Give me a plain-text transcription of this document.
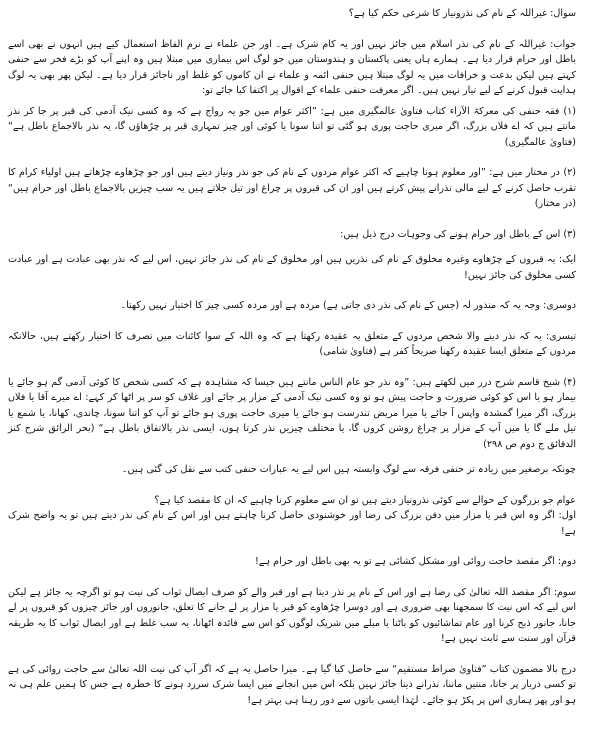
سوال: غیراللہ کے نام کی نذرونیاز کا شرعی حکم کیا ہے؟

جواب: غیراللہ کے نام کی نذر اسلام میں جائز نہیں اور یہ کام شرک ہے۔ اور جن علماء نے نرم الفاظ استعمال کیے ہیں انہوں نے بھی اسے باطل اور حرام قرار دیا ہے۔ ہمارے ہاں یعنی پاکستان و ہندوستان میں جو لوگ اس بیماری میں مبتلا ہیں وہ اپنے آپ کو بڑے فخر سے حنفی کہتے ہیں لیکن بدعت و خرافات میں یہ لوگ مبتلا ہیں حنفی ائمہ و علماء نے ان کاموں کو غلط اور ناجائز قرار دیا ہے۔ لیکن پھر بھی یہ لوگ ہدایت قبول کرنے کے لیے تیار نہیں ہیں۔ اگر معرفت حنفی علماء کے اقوال پر اکتفا کیا جائے تو:

(۱) فقہ حنفی کی معرکۃ الآراء کتاب فتاویٰ عالمگیری میں ہے: ”اکثر عوام میں جو یہ رواج ہے کہ وہ کسی نیک آدمی کی قبر پر جا کر نذر مانتے ہیں کہ اے فلاں بزرگ، اگر میری حاجت پوری ہو گئی تو اتنا سونا یا کوئی اور چیز تمہاری قبر پر چڑھاؤں گا، یہ نذر بالاجماع باطل ہے“ (فتاویٰ عالمگیری)

(۲) در مختار میں ہے: ”اور معلوم ہونا چاہیے کہ اکثر عوام مردوں کے نام کی جو نذر ونیاز دیتے ہیں اور جو چڑھاوے چڑھاتے ہیں اولیاء کرام کا تقرب حاصل کرنے کے لیے مالی نذرانے پیش کرتے ہیں اور ان کی قبروں پر چراغ اور تیل جلاتے ہیں یہ سب چیزیں بالاجماع باطل اور حرام ہیں“ (در مختار)

(۳) اس کے باطل اور حرام ہونے کی وجوہات درج ذیل ہیں:

ایک: یہ قبروں کے چڑھاوے وغیرہ مخلوق کے نام کی نذریں ہیں اور مخلوق کے نام کی نذر جائز نہیں، اس لیے کہ نذر بھی عبادت ہے اور عبادت کسی مخلوق کی جائز نہیں!

دوسری: وجہ یہ کہ منذور لہ (جس کے نام کی نذر دی جاتی ہے) مردہ ہے اور مردہ کسی چیز کا اختیار نہیں رکھتا۔

تیسری: یہ کہ نذر دینے والا شخص مردوں کے متعلق یہ عقیدہ رکھتا ہے کہ وہ اللہ کے سوا کائنات میں تصرف کا اختیار رکھتے ہیں، حالانکہ مردوں کے متعلق ایسا عقیدہ رکھنا صریحاً کفر ہے (فتاویٰ شامی)

(۴) شیخ قاسم شرح درر میں لکھتے ہیں: ”وہ نذر جو عام الناس مانتے ہیں جیسا کہ مشاہدہ ہے کہ کسی شخص کا کوئی آدمی گم ہو جائے یا بیمار ہو یا اس کو کوئی ضرورت و حاجت پیش ہو تو وہ کسی نیک آدمی کے مزار پر جائے اور غلاف کو سر پر اٹھا کر کہے: اے میرے آقا یا فلاں بزرگ، اگر میرا گمشدہ واپس آ جائے یا میرا مریض تندرست ہو جائے یا میری حاجت پوری ہو جائے تو آپ کو اتنا سونا، چاندی، کھانا، یا شمع یا تیل ملے گا یا میں آپ کے مزار پر چراغ روشن کروں گا، یا مختلف چیزیں نذر کرتا ہوں، ایسی نذر بالاتفاق باطل ہے“ (بحر الرائق شرح کنز الدقائق ج دوم ص ۲۹۸)

چونکہ برصغیر میں زیادہ تر حنفی فرقہ سے لوگ وابستہ ہیں اس لیے یہ عبارات حنفی کتب سے نقل کی گئی ہیں۔

عوام جو بزرگوں کے حوالے سے کوئی نذرونیاز دیتے ہیں تو ان سے معلوم کرنا چاہیے کہ ان کا مقصد کیا ہے؟

اول: اگر وہ اس قبر یا مزار میں دفن بزرگ کی رضا اور خوشنودی حاصل کرنا چاہتے ہیں اور اس کے نام کی نذر دیتے ہیں تو یہ واضح شرک ہے!

دوم: اگر مقصد حاجت روائی اور مشکل کشائی ہے تو یہ بھی باطل اور حرام ہے!

سوم: اگر مقصد اللہ تعالیٰ کی رضا ہے اور اس کے نام پر نذر دیتا ہے اور قبر والے کو صرف ایصال ثواب کی نیت ہو تو اگرچہ یہ جائز ہے لیکن اس لیے کہ اس نیت کا سمجھنا بھی ضروری ہے اور دوسرا چڑھاوے کو قبر یا مزار پر لے جانے کا تعلق، جانوروں اور جائز چیزوں کو قبروں پر لے جانا، جانور ذبح کرنا اور عام تماشائیوں کو باٹنا یا میلے میں شریک لوگوں کو اس سے فائدہ اٹھانا، یہ سب غلط ہے اور ایصال ثواب کا یہ طریقہ قرآن اور سنت سے ثابت نہیں ہے!

درج بالا مضمون کتاب ”فتاویٰ صراط مستقیم“ سے حاصل کیا گیا ہے۔ میرا حاصل یہ ہے کہ اگر آپ کی نیت اللہ تعالیٰ سے حاجت روائی کی ہے تو کسی دربار پر جانا، منتیں ماننا، نذرانے دینا جائز نہیں بلکہ اس میں انجانے میں ایسا شرک سرزد ہونے کا خطرہ ہے جس کا ہمیں علم ہی نہ ہو اور پھر ہماری اس پر پکڑ ہو جائے۔ لہٰذا ایسی باتوں سے دور رہنا ہی بہتر ہے!
